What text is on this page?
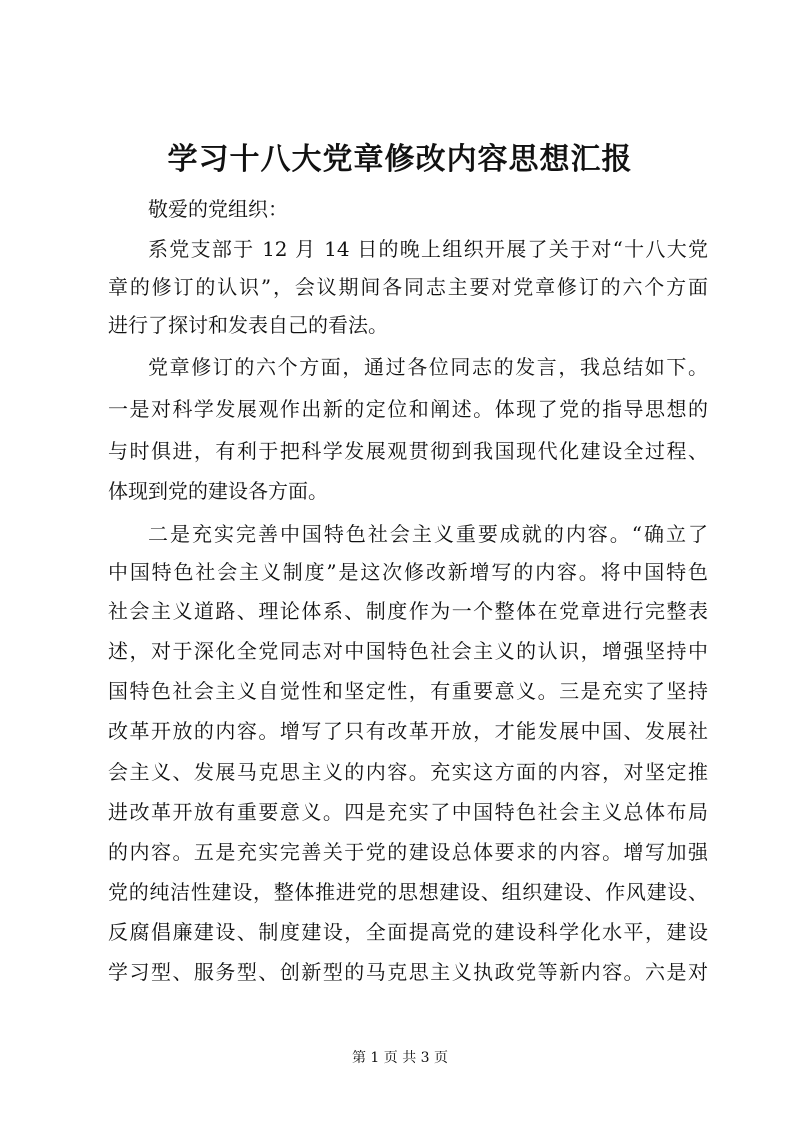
学习十八大党章修改内容思想汇报

敬爱的党组织：

系党支部于 12 月 14 日的晚上组织开展了关于对“十八大党

章的修订的认识”，会议期间各同志主要对党章修订的六个方面

进行了探讨和发表自己的看法。

党章修订的六个方面，通过各位同志的发言，我总结如下。

一是对科学发展观作出新的定位和阐述。体现了党的指导思想的

与时俱进，有利于把科学发展观贯彻到我国现代化建设全过程、

体现到党的建设各方面。

二是充实完善中国特色社会主义重要成就的内容。“确立了

中国特色社会主义制度”是这次修改新增写的内容。将中国特色

社会主义道路、理论体系、制度作为一个整体在党章进行完整表

述，对于深化全党同志对中国特色社会主义的认识，增强坚持中

国特色社会主义自觉性和坚定性，有重要意义。三是充实了坚持

改革开放的内容。增写了只有改革开放，才能发展中国、发展社

会主义、发展马克思主义的内容。充实这方面的内容，对坚定推

进改革开放有重要意义。四是充实了中国特色社会主义总体布局

的内容。五是充实完善关于党的建设总体要求的内容。增写加强

党的纯洁性建设，整体推进党的思想建设、组织建设、作风建设、

反腐倡廉建设、制度建设，全面提高党的建设科学化水平，建设

学习型、服务型、创新型的马克思主义执政党等新内容。六是对

第 1 页 共 3 页
